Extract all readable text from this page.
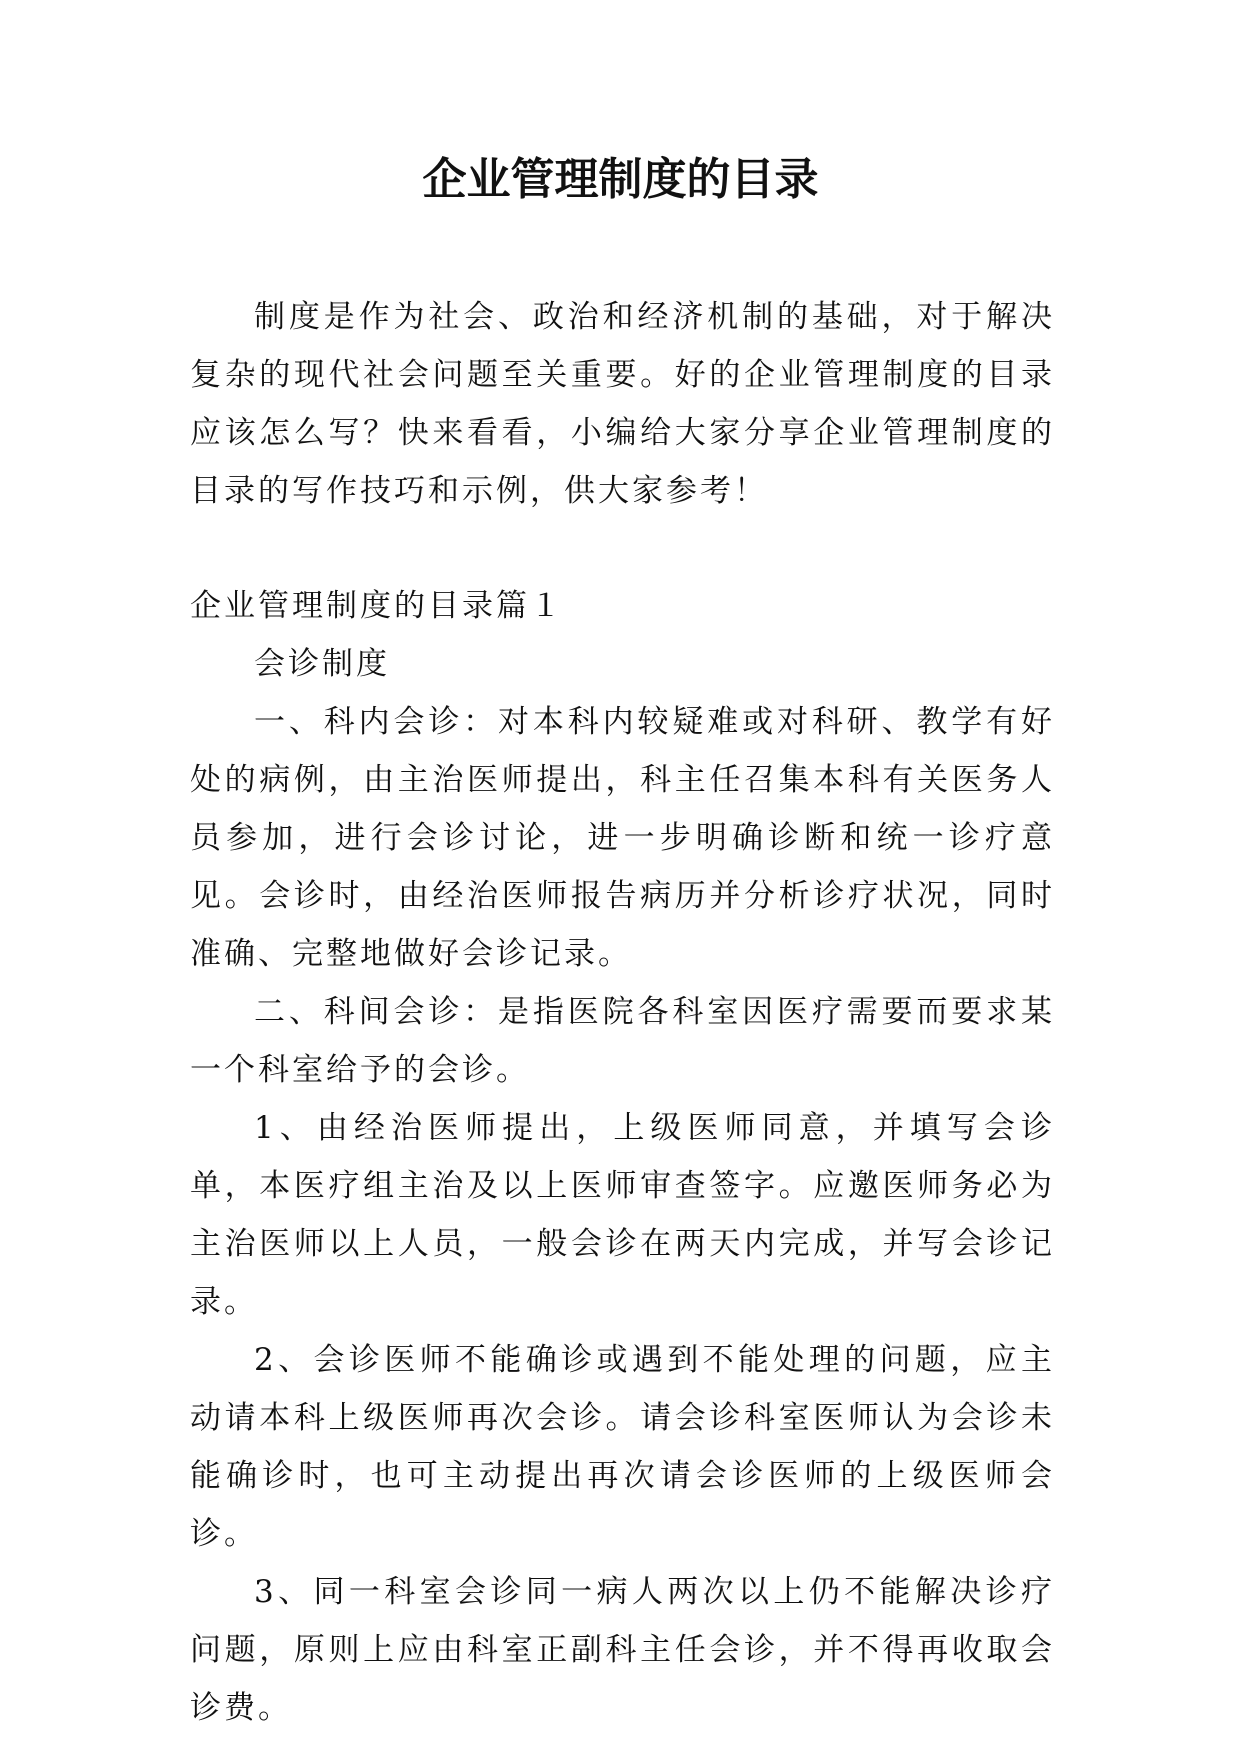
企业管理制度的目录

制度是作为社会、政治和经济机制的基础，对于解决复杂的现代社会问题至关重要。好的企业管理制度的目录应该怎么写？快来看看，小编给大家分享企业管理制度的目录的写作技巧和示例，供大家参考！

企业管理制度的目录篇１

会诊制度

一、科内会诊：对本科内较疑难或对科研、教学有好处的病例，由主治医师提出，科主任召集本科有关医务人员参加，进行会诊讨论，进一步明确诊断和统一诊疗意见。会诊时，由经治医师报告病历并分析诊疗状况，同时准确、完整地做好会诊记录。

二、科间会诊：是指医院各科室因医疗需要而要求某一个科室给予的会诊。

1、由经治医师提出，上级医师同意，并填写会诊单，本医疗组主治及以上医师审查签字。应邀医师务必为主治医师以上人员，一般会诊在两天内完成，并写会诊记录。

2、会诊医师不能确诊或遇到不能处理的问题，应主动请本科上级医师再次会诊。请会诊科室医师认为会诊未能确诊时，也可主动提出再次请会诊医师的上级医师会诊。

3、同一科室会诊同一病人两次以上仍不能解决诊疗问题，原则上应由科室正副科主任会诊，并不得再收取会诊费。
